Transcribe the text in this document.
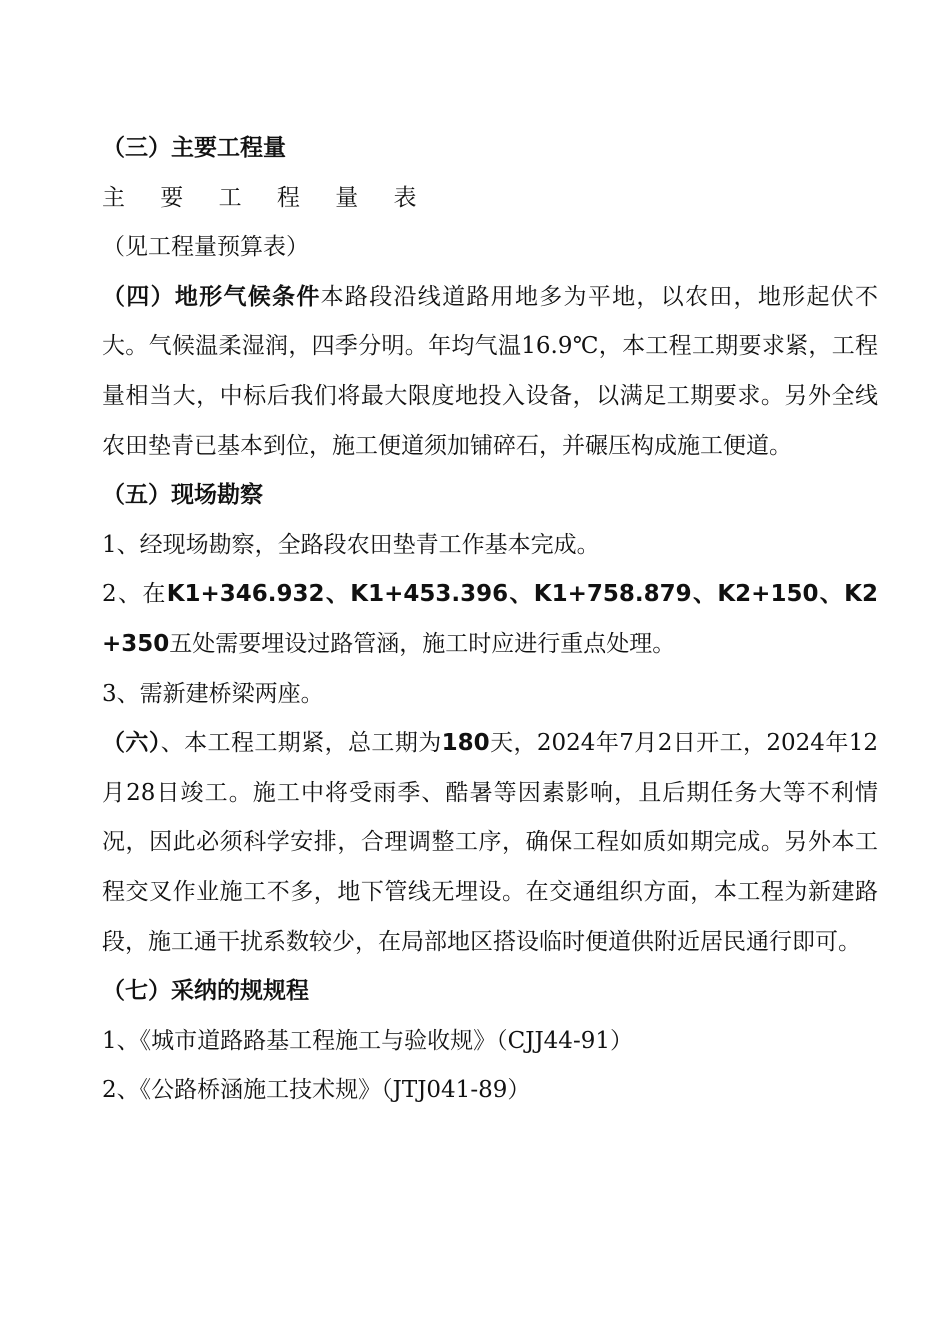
（三）主要工程量
主 要 工 程 量 表
（见工程量预算表）
（四）地形气候条件本路段沿线道路用地多为平地，以农田，地形起伏不大。气候温柔湿润，四季分明。年均气温16.9℃，本工程工期要求紧，工程量相当大，中标后我们将最大限度地投入设备，以满足工期要求。另外全线农田垫青已基本到位，施工便道须加铺碎石，并碾压构成施工便道。
（五）现场勘察
1、经现场勘察，全路段农田垫青工作基本完成。
2、在K1+346.932、K1+453.396、K1+758.879、K2+150、K2+350五处需要埋设过路管涵，施工时应进行重点处理。
3、需新建桥梁两座。
（六）、本工程工期紧，总工期为180天，2024年7月2日开工，2024年12月28日竣工。施工中将受雨季、酷暑等因素影响，且后期任务大等不利情况，因此必须科学安排，合理调整工序，确保工程如质如期完成。另外本工程交叉作业施工不多，地下管线无埋设。在交通组织方面，本工程为新建路段，施工通干扰系数较少，在局部地区搭设临时便道供附近居民通行即可。
（七）采纳的规规程
1、《城市道路路基工程施工与验收规》（CJJ44-91）
2、《公路桥涵施工技术规》（JTJ041-89）
